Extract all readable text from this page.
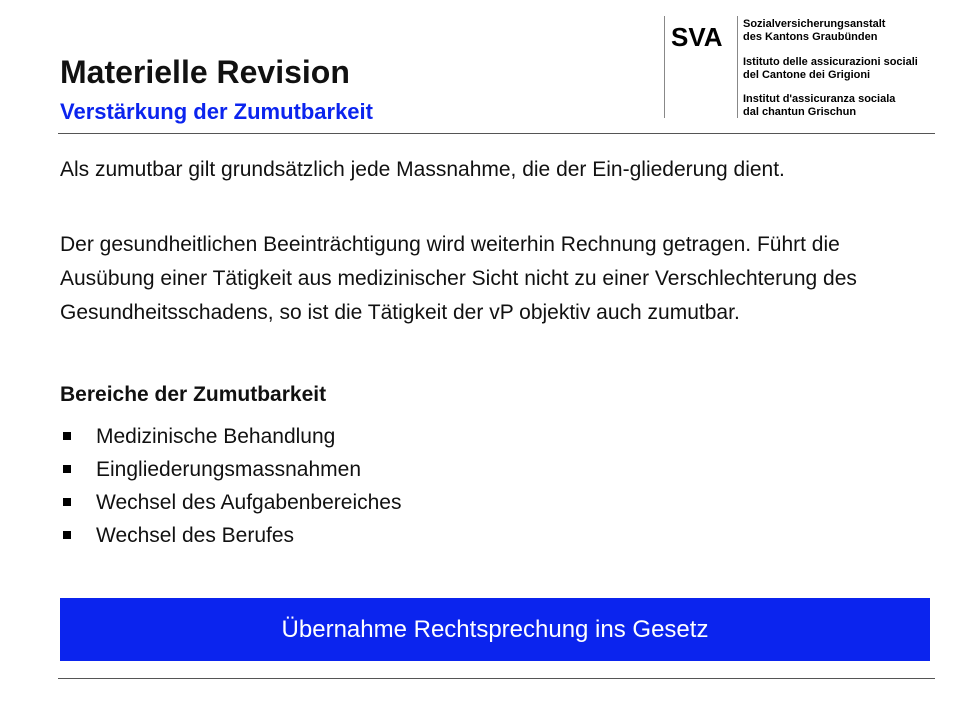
Materielle Revision
Verstärkung der Zumutbarkeit
SVA Sozialversicherungsanstalt
des Kantons Graubünden
Istituto delle assicurazioni sociali
del Cantone dei Grigioni
Institut d'assicuranza sociala
dal chantun Grischun
Als zumutbar gilt grundsätzlich jede Massnahme, die der Ein-gliederung dient.
Der gesundheitlichen Beeinträchtigung wird weiterhin Rechnung getragen. Führt die Ausübung einer Tätigkeit aus medizinischer Sicht nicht zu einer Verschlechterung des Gesundheitsschadens, so ist die Tätigkeit der vP objektiv auch zumutbar.
Bereiche der Zumutbarkeit
Medizinische Behandlung
Eingliederungsmassnahmen
Wechsel des Aufgabenbereiches
Wechsel des Berufes
Übernahme Rechtsprechung ins Gesetz
